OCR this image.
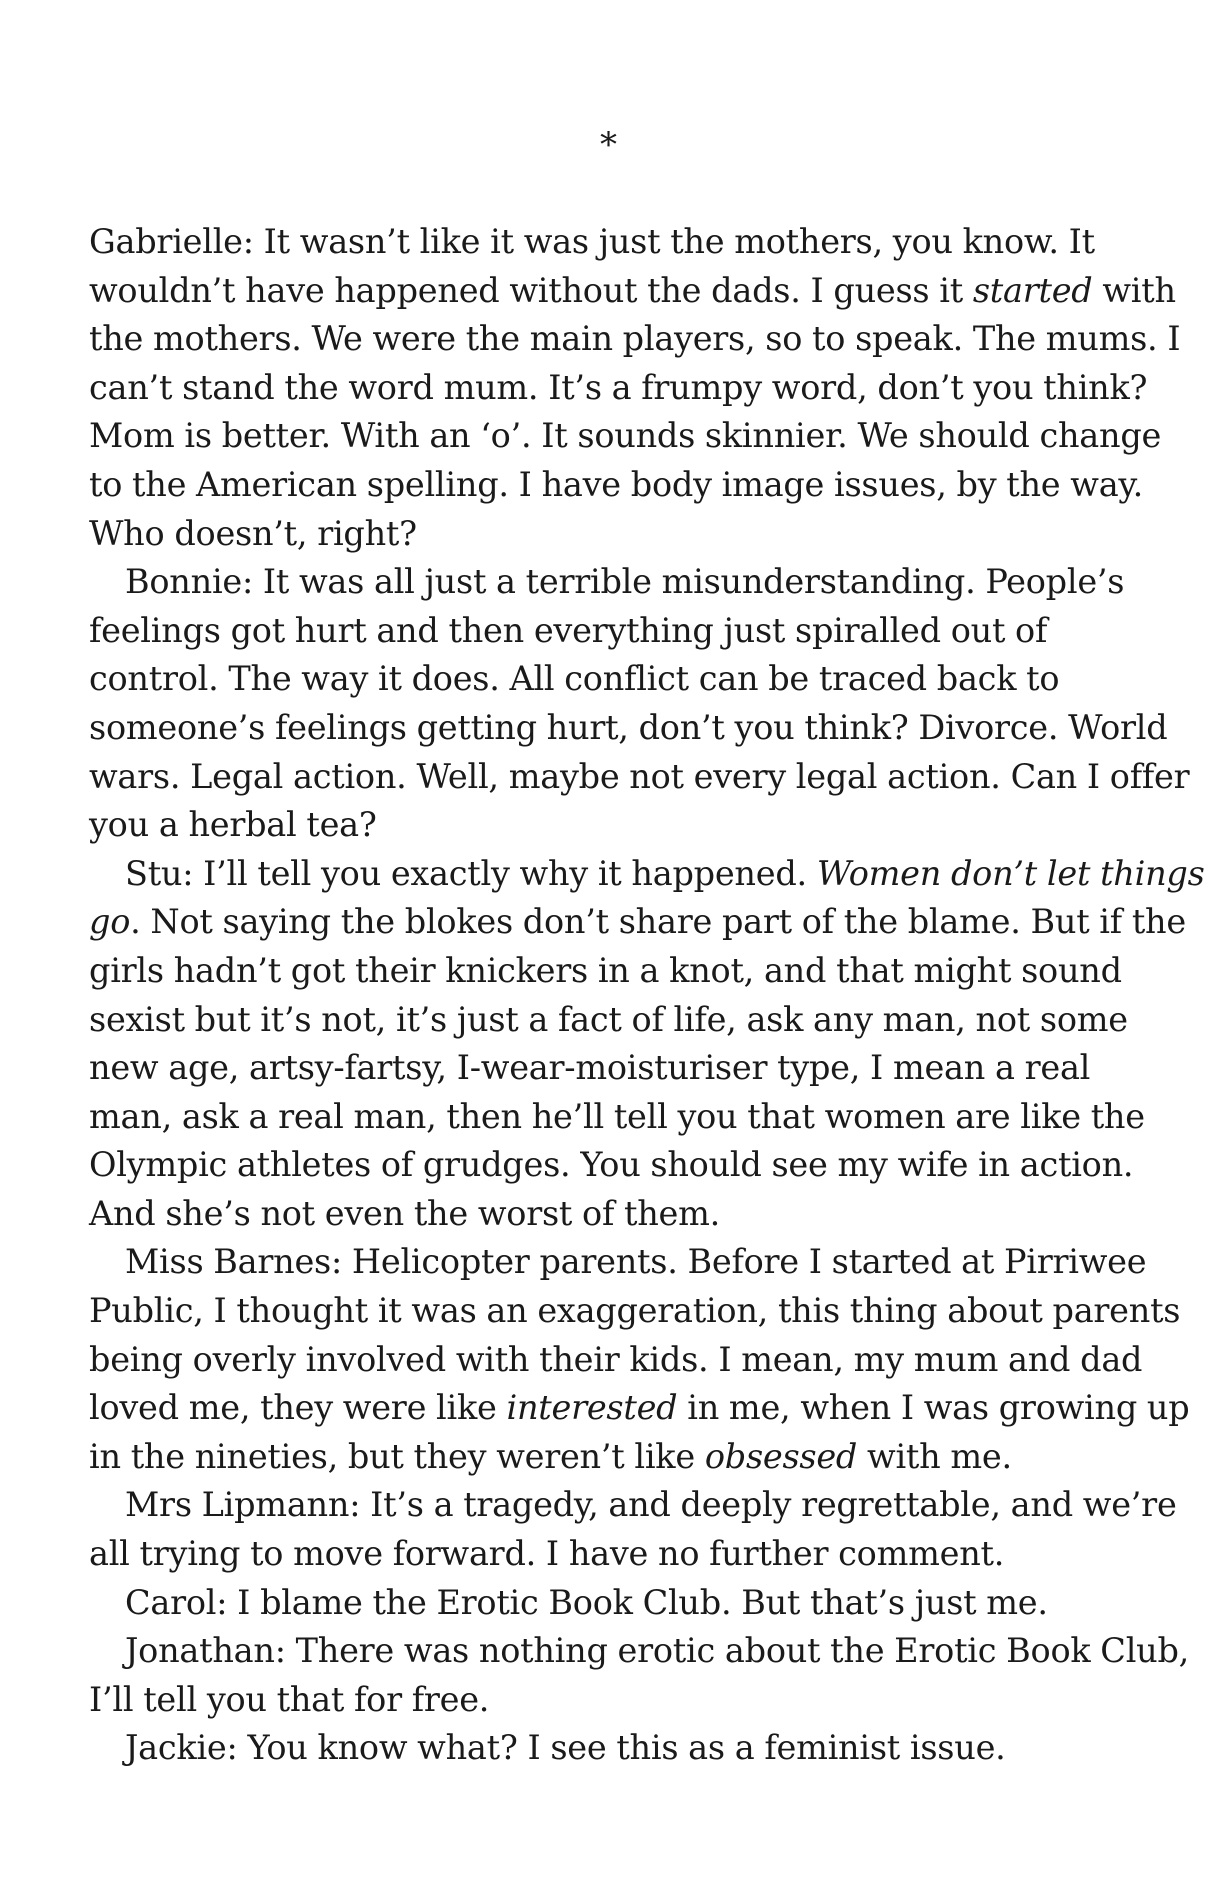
*

Gabrielle: It wasn’t like it was just the mothers, you know. It
wouldn’t have happened without the dads. I guess it started with
the mothers. We were the main players, so to speak. The mums. I
can’t stand the word mum. It’s a frumpy word, don’t you think?
Mom is better. With an ‘o’. It sounds skinnier. We should change
to the American spelling. I have body image issues, by the way.
Who doesn’t, right?

Bonnie: It was all just a terrible misunderstanding. People’s
feelings got hurt and then everything just spiralled out of
control. The way it does. All conflict can be traced back to
someone’s feelings getting hurt, don’t you think? Divorce. World
wars. Legal action. Well, maybe not every legal action. Can I offer
you a herbal tea?

Stu: I’ll tell you exactly why it happened. Women don’t let things
go. Not saying the blokes don’t share part of the blame. But if the
girls hadn’t got their knickers in a knot, and that might sound
sexist but it’s not, it’s just a fact of life, ask any man, not some
new age, artsy-fartsy, I-wear-moisturiser type, I mean a real
man, ask a real man, then he’ll tell you that women are like the
Olympic athletes of grudges. You should see my wife in action.
And she’s not even the worst of them.

Miss Barnes: Helicopter parents. Before I started at Pirriwee
Public, I thought it was an exaggeration, this thing about parents
being overly involved with their kids. I mean, my mum and dad
loved me, they were like interested in me, when I was growing up
in the nineties, but they weren’t like obsessed with me.

Mrs Lipmann: It’s a tragedy, and deeply regrettable, and we’re
all trying to move forward. I have no further comment.

Carol: I blame the Erotic Book Club. But that’s just me.

Jonathan: There was nothing erotic about the Erotic Book Club,
I’ll tell you that for free.

Jackie: You know what? I see this as a feminist issue.
